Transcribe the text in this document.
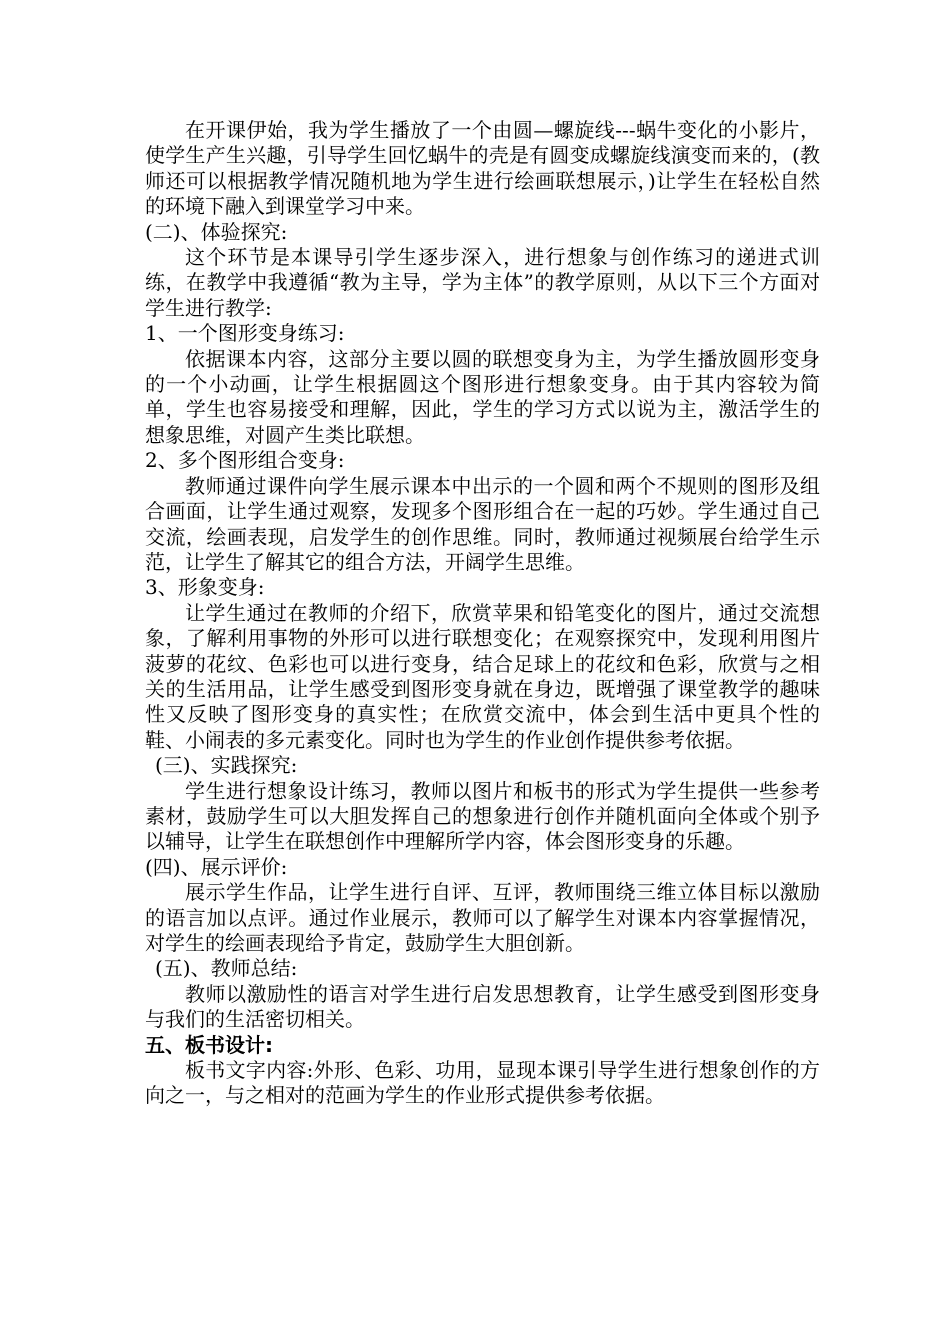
在开课伊始，我为学生播放了一个由圆—螺旋线---蜗牛变化的小影片，使学生产生兴趣，引导学生回忆蜗牛的壳是有圆变成螺旋线演变而来的，(教师还可以根据教学情况随机地为学生进行绘画联想展示，)让学生在轻松自然的环境下融入到课堂学习中来。

(二)、体验探究:

这个环节是本课导引学生逐步深入，进行想象与创作练习的递进式训练，在教学中我遵循“教为主导，学为主体”的教学原则，从以下三个方面对学生进行教学:

1、一个图形变身练习:

依据课本内容，这部分主要以圆的联想变身为主，为学生播放圆形变身的一个小动画，让学生根据圆这个图形进行想象变身。由于其内容较为简单，学生也容易接受和理解，因此，学生的学习方式以说为主，激活学生的想象思维，对圆产生类比联想。

2、多个图形组合变身:

教师通过课件向学生展示课本中出示的一个圆和两个不规则的图形及组合画面，让学生通过观察，发现多个图形组合在一起的巧妙。学生通过自己交流，绘画表现，启发学生的创作思维。同时，教师通过视频展台给学生示范，让学生了解其它的组合方法，开阔学生思维。

3、形象变身:

让学生通过在教师的介绍下，欣赏苹果和铅笔变化的图片，通过交流想象，了解利用事物的外形可以进行联想变化；在观察探究中，发现利用图片菠萝的花纹、色彩也可以进行变身，结合足球上的花纹和色彩，欣赏与之相关的生活用品，让学生感受到图形变身就在身边，既增强了课堂教学的趣味性又反映了图形变身的真实性；在欣赏交流中，体会到生活中更具个性的鞋、小闹表的多元素变化。同时也为学生的作业创作提供参考依据。

(三)、实践探究:

学生进行想象设计练习，教师以图片和板书的形式为学生提供一些参考素材，鼓励学生可以大胆发挥自己的想象进行创作并随机面向全体或个别予以辅导，让学生在联想创作中理解所学内容，体会图形变身的乐趣。

(四)、展示评价:

展示学生作品，让学生进行自评、互评，教师围绕三维立体目标以激励的语言加以点评。通过作业展示，教师可以了解学生对课本内容掌握情况，对学生的绘画表现给予肯定，鼓励学生大胆创新。

(五)、教师总结:

教师以激励性的语言对学生进行启发思想教育，让学生感受到图形变身与我们的生活密切相关。

五、板书设计:

板书文字内容:外形、色彩、功用，显现本课引导学生进行想象创作的方向之一，与之相对的范画为学生的作业形式提供参考依据。
